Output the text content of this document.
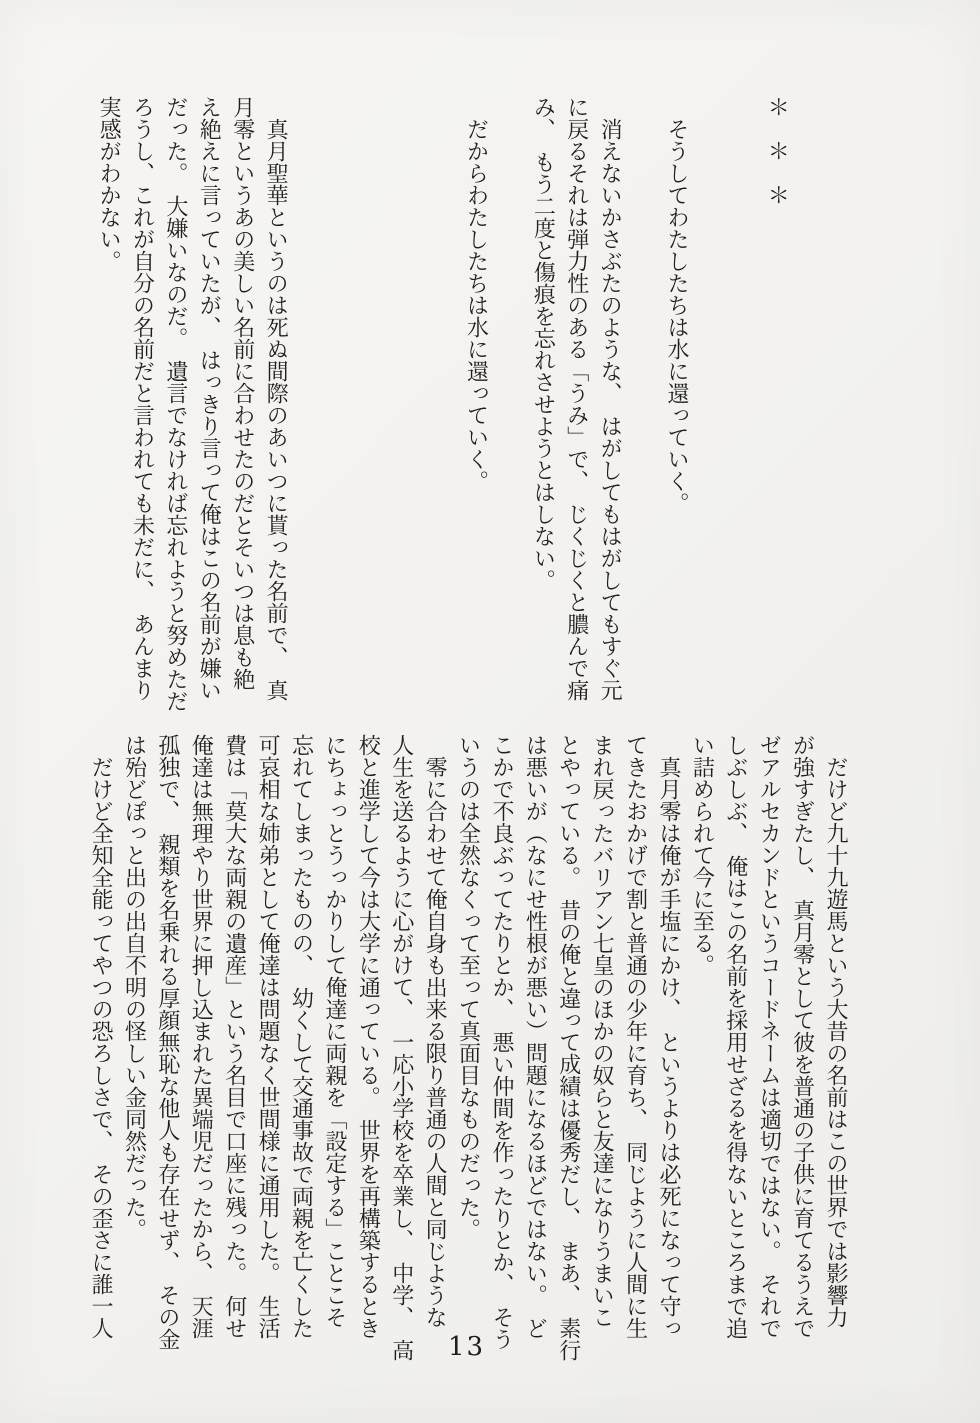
＊　＊　＊

　そうしてわたしたちは水に還っていく。

　消えないかさぶたのような、　はがしてもはがしてもすぐ元

に戻るそれは弾力性のある「うみ」で、　じくじくと膿んで痛

み、　もう二度と傷痕を忘れさせようとはしない。

　だからわたしたちは水に還っていく。

　真月聖華というのは死ぬ間際のあいつに貰った名前で、　真

月零というあの美しい名前に合わせたのだとそいつは息も絶

え絶えに言っていたが、　はっきり言って俺はこの名前が嫌い

だった。　大嫌いなのだ。　遺言でなければ忘れようと努めただ

ろうし、これが自分の名前だと言われても未だに、　あんまり

実感がわかない。

　だけど九十九遊馬という大昔の名前はこの世界では影響力

が強すぎたし、　真月零として彼を普通の子供に育てるうえで

ゼアルセカンドというコードネームは適切ではない。　それで

しぶしぶ、　俺はこの名前を採用せざるを得ないところまで追

い詰められて今に至る。

　真月零は俺が手塩にかけ、　というよりは必死になって守っ

てきたおかげで割と普通の少年に育ち、　同じように人間に生

まれ戻ったバリアン七皇のほかの奴らと友達になりうまいこ

とやっている。　昔の俺と違って成績は優秀だし、　まあ、　素行

は悪いが（なにせ性根が悪い）問題になるほどではない。　ど

こかで不良ぶってたりとか、　悪い仲間を作ったりとか、　そう

いうのは全然なくって至って真面目なものだった。

　零に合わせて俺自身も出来る限り普通の人間と同じような

人生を送るように心がけて、　一応小学校を卒業し、　中学、　高

校と進学して今は大学に通っている。　世界を再構築するとき

にちょっとうっかりして俺達に両親を「設定する」ことこそ

忘れてしまったものの、　幼くして交通事故で両親を亡くした

可哀相な姉弟として俺達は問題なく世間様に通用した。　生活

費は「莫大な両親の遺産」という名目で口座に残った。　何せ

俺達は無理やり世界に押し込まれた異端児だったから、　天涯

孤独で、　親類を名乗れる厚顔無恥な他人も存在せず、　その金

は殆どぽっと出の出自不明の怪しい金同然だった。

　だけど全知全能ってやつの恐ろしさで、　その歪さに誰一人

13
